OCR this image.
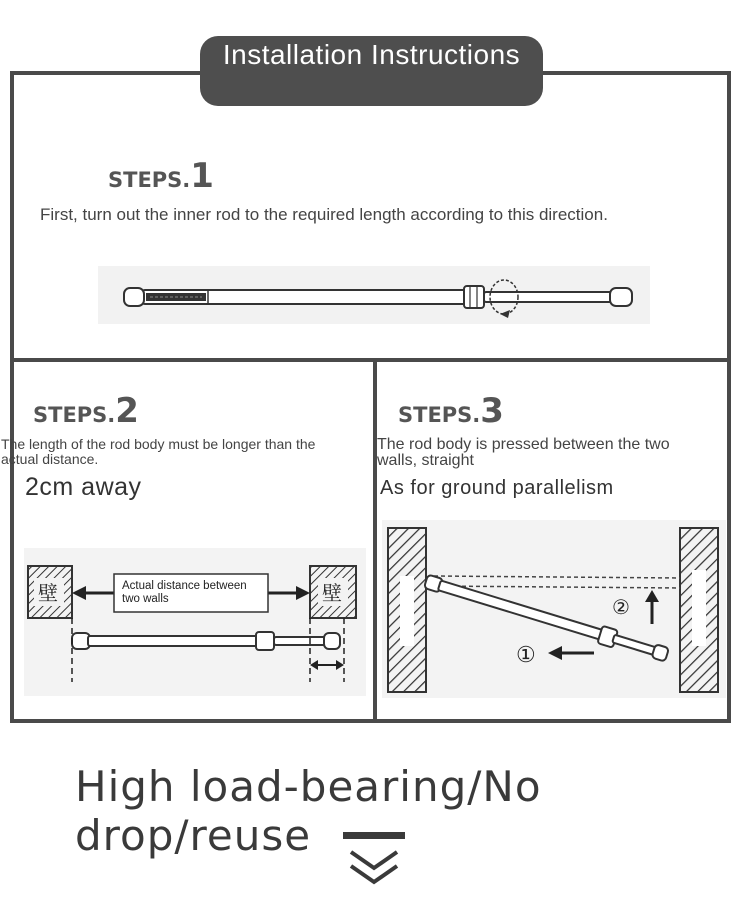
Installation Instructions
STEPS.1
First, turn out the inner rod to the required length according to this direction.
STEPS.2
The length of the rod body must be longer than the
actual distance.
2cm away
壁	壁
Actual distance between
two walls
STEPS.3
The rod body is pressed between the two
walls, straight
As for ground parallelism
②
①
High load-bearing/No drop/reuse
